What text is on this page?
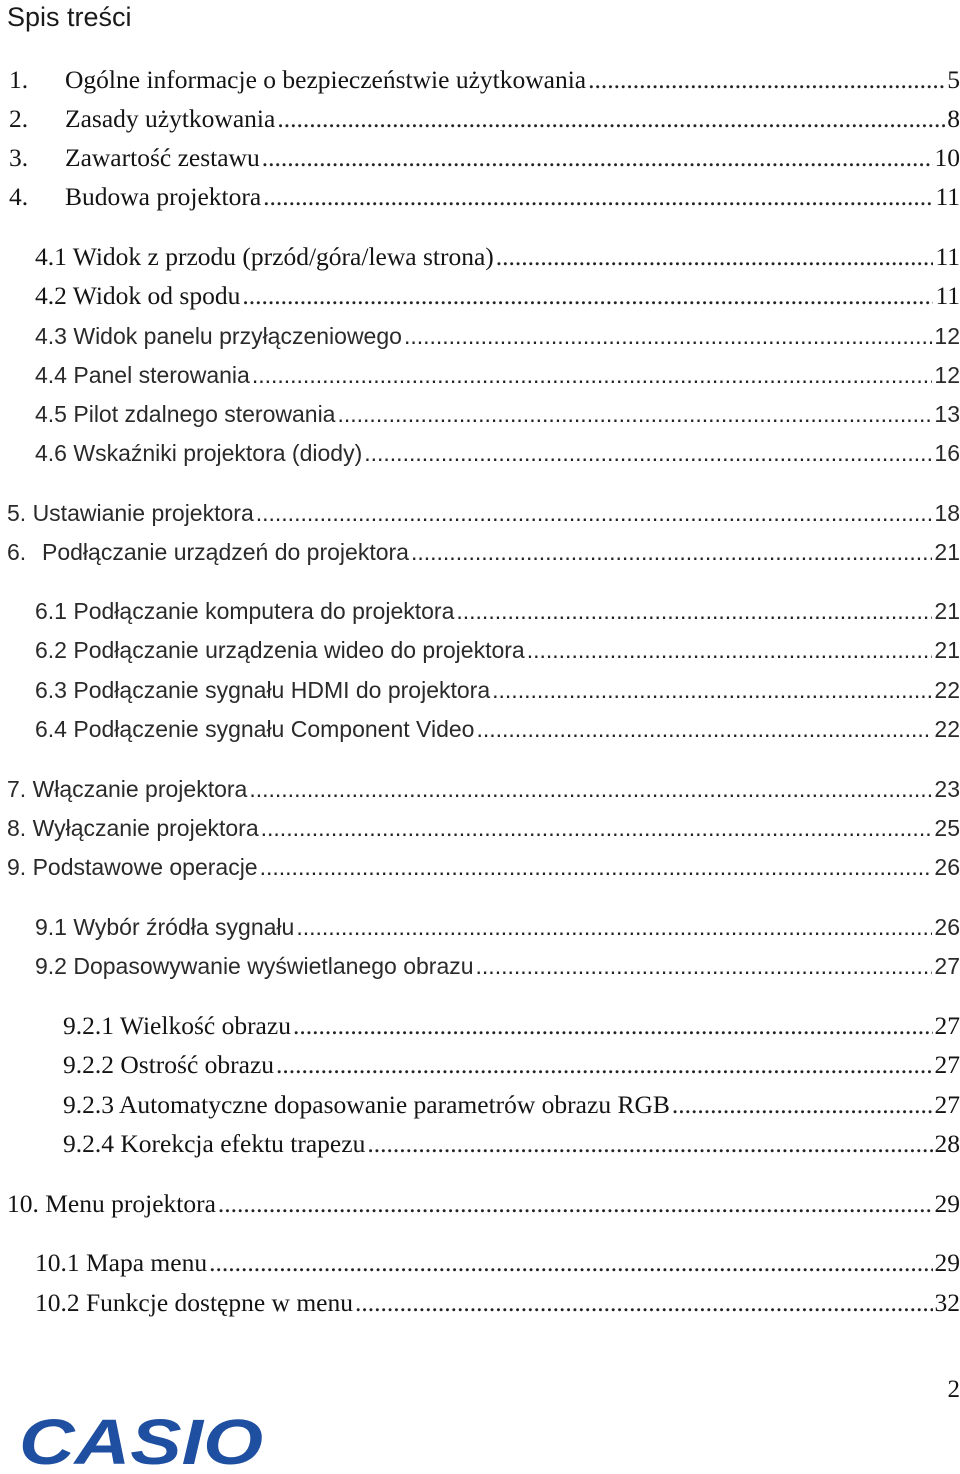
Spis treści
1.	Ogólne informacje o bezpieczeństwie użytkowania .....	5
2.	Zasady użytkowania .....	8
3.	Zawartość zestawu .....	10
4.	Budowa projektora .....	11
4.1 Widok z przodu (przód/góra/lewa strona) .....	11
4.2 Widok od spodu .....	11
4.3 Widok panelu przyłączeniowego .....	12
4.4 Panel sterowania .....	12
4.5 Pilot zdalnego sterowania .....	13
4.6 Wskaźniki projektora (diody) .....	16
5. Ustawianie projektora .....	18
6. Podłączanie urządzeń do projektora .....	21
6.1 Podłączanie komputera do projektora .....	21
6.2 Podłączanie urządzenia wideo do projektora .....	21
6.3 Podłączanie sygnału HDMI do projektora .....	22
6.4 Podłączenie sygnału Component Video .....	22
7. Włączanie projektora .....	23
8. Wyłączanie projektora .....	25
9. Podstawowe operacje .....	26
9.1 Wybór źródła sygnału .....	26
9.2 Dopasowywanie wyświetlanego obrazu .....	27
9.2.1 Wielkość obrazu .....	27
9.2.2 Ostrość obrazu .....	27
9.2.3 Automatyczne dopasowanie parametrów obrazu RGB .....	27
9.2.4 Korekcja efektu trapezu .....	28
10. Menu projektora .....	29
10.1 Mapa menu .....	29
10.2 Funkcje dostępne w menu .....	32
2
CASIO
